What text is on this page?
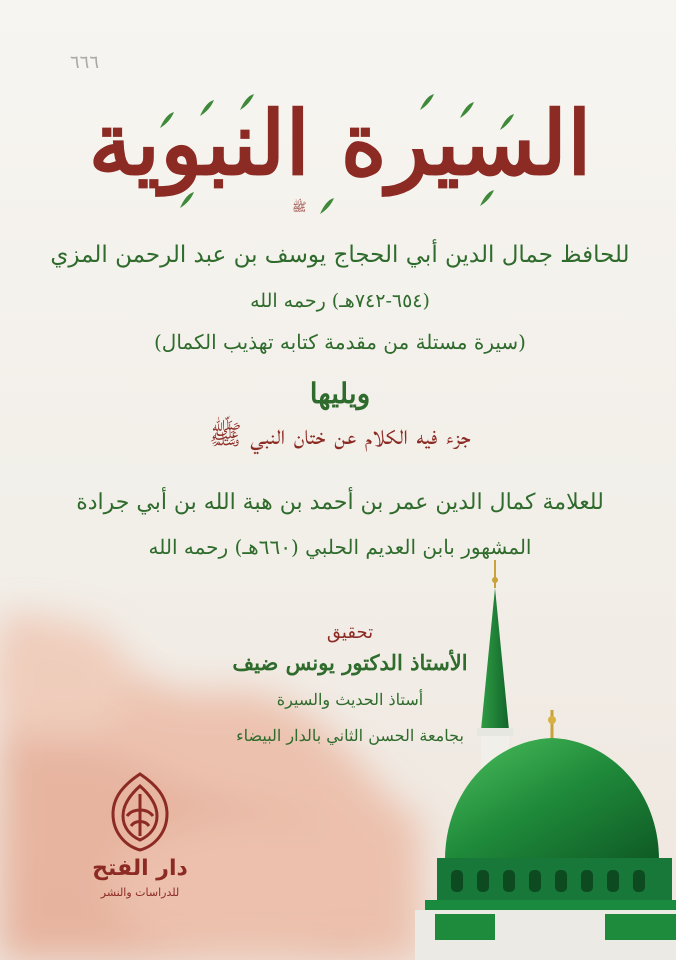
٦٦٦
السيرة النبوية
ﷺ
للحافظ جمال الدين أبي الحجاج يوسف بن عبد الرحمن المزي
(٦٥٤-٧٤٢هـ) رحمه الله
(سيرة مستلة من مقدمة كتابه تهذيب الكمال)
ويليها
جزء فيه الكلام عن ختان النبي ﷺ
للعلامة كمال الدين عمر بن أحمد بن هبة الله بن أبي جرادة
المشهور بابن العديم الحلبي (٦٦٠هـ) رحمه الله
تحقيق
الأستاذ الدكتور يونس ضيف
أستاذ الحديث والسيرة
بجامعة الحسن الثاني بالدار البيضاء
دار الفتح
للدراسات والنشر
